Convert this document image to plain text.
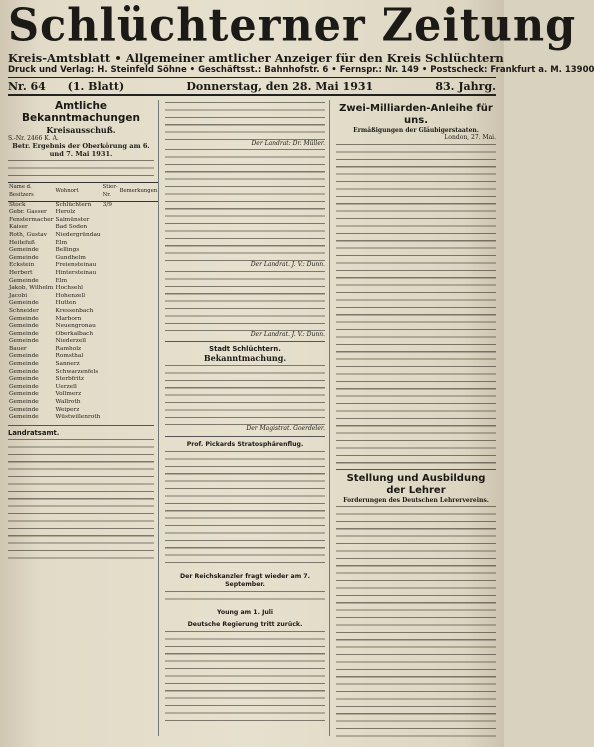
Schlüchterner Zeitung
Kreis-Amtsblatt • Allgemeiner amtlicher Anzeiger für den Kreis Schlüchtern
Druck und Verlag: H. Steinfeld Söhne • Geschäftsst.: Bahnhofstr. 6 • Fernspr.: Nr. 149 • Postscheck: Frankfurt a. M. 13900
Nr. 64 (1. Blatt)	Donnerstag, den 28. Mai 1931	83. Jahrg.
Amtliche Bekanntmachungen
Kreisausschuß.
S.-Nr. 2466 K. A.
Betr. Ergebnis der Oberkörung am 6. und 7. Mai 1931.
Name d. Besitzers	Wohnort	Stier-Nr.	Bemerkungen
Stock	Schlüchtern	3/9	
Gebr. Gasser	Herolz		
Fenstermacher	Salmünster		
Kaiser	Bad Soden		
Roth, Gustav	Niedergründau		
Heitefuß	Elm		
Gemeinde	Bellings		
Gemeinde	Gundhelm		
Eckstein	Freiensteinau		
Herbert	Hintersteinau		
Gemeinde	Elm		
Jakob, Wilhelm	Hochsehl		
Jacobi	Hohenzell		
Gemeinde	Hutten		
Schneider	Kressenbach		
Gemeinde	Marborn		
Gemeinde	Neuengronau		
Gemeinde	Oberkalbach		
Gemeinde	Niederzell		
Bauer	Ramholz		
Gemeinde	Romsthal		
Gemeinde	Sannerz		
Gemeinde	Schwarzenfels		
Gemeinde	Sterbfritz		
Gemeinde	Uerzell		
Gemeinde	Vollmerz		
Gemeinde	Wallroth		
Gemeinde	Weiperz		
Gemeinde	Wüstwillenroth		
Landratsamt.
Der Landrat: Dr. Müller.
Der Landrat. J. V.: Dunn.
Der Landrat. J. V.: Dunn.
Stadt Schlüchtern.
Bekanntmachung.
Der Magistrat. Goerdeler.
Prof. Pickards Stratosphärenflug.
Der Reichskanzler fragt wieder am 7. September.
Young am 1. Juli
Deutsche Regierung tritt zurück.
Zwei-Milliarden-Anleihe für uns.
Ermäßigungen der Gläubigerstaaten.
London, 27. Mai.
Stellung und Ausbildung der Lehrer
Forderungen des Deutschen Lehrervereins.
